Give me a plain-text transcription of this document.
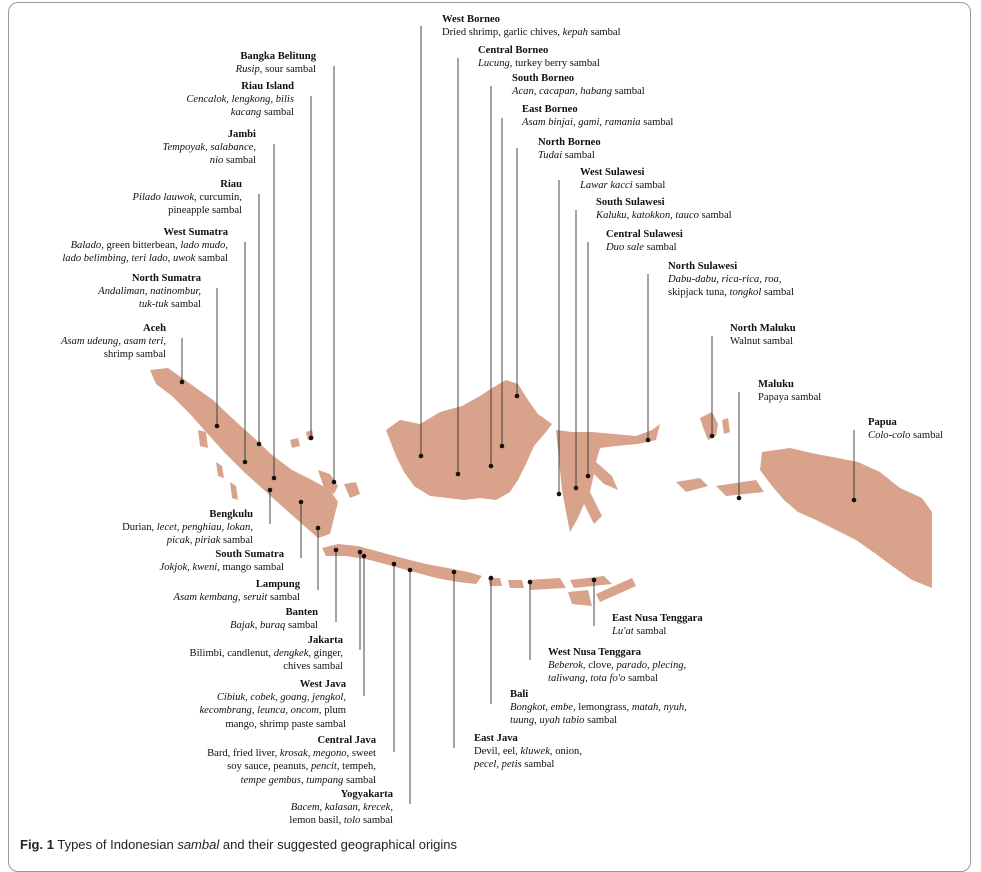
Bangka Belitung
Rusip, sour sambal
Riau Island
Cencalok, lengkong, bilis
kacang sambal
Jambi
Tempoyak, salabance,
nio sambal
Riau
Pilado lauwok, curcumin,
pineapple sambal
West Sumatra
Balado, green bitterbean, lado mudo,
lado belimbing, teri lado, uwok sambal
North Sumatra
Andaliman, natinombur,
tuk-tuk sambal
Aceh
Asam udeung, asam teri,
shrimp sambal
Bengkulu
Durian, lecet, penghiau, lokan,
picak, piriak sambal
South Sumatra
Jokjok, kweni, mango sambal
Lampung
Asam kembang, seruit sambal
Banten
Bajak, buraq sambal
Jakarta
Bilimbi, candlenut, dengkek, ginger,
chives sambal
West Java
Cibiuk, cobek, goang, jengkol,
kecombrang, leunca, oncom, plum
mango, shrimp paste sambal
Central Java
Bard, fried liver, krosak, megono, sweet
soy sauce, peanuts, pencit, tempeh,
tempe gembus, tumpang sambal
Yogyakarta
Bacem, kalasan, krecek,
lemon basil, tolo sambal
West Borneo
Dried shrimp, garlic chives, kepah sambal
Central Borneo
Lucung, turkey berry sambal
South Borneo
Acan, cacapan, habang sambal
East Borneo
Asam binjai, gami, ramania sambal
North Borneo
Tudai sambal
West Sulawesi
Lawar kacci sambal
South Sulawesi
Kaluku, katokkon, tauco sambal
Central Sulawesi
Duo sale sambal
North Sulawesi
Dabu-dabu, rica-rica, roa,
skipjack tuna, tongkol sambal
North Maluku
Walnut sambal
Maluku
Papaya sambal
Papua
Colo-colo sambal
East Nusa Tenggara
Lu'at sambal
West Nusa Tenggara
Beberok, clove, parado, plecing,
taliwang, tota fo'o sambal
Bali
Bongkot, embe, lemongrass, matah, nyuh,
tuung, uyah tabio sambal
East Java
Devil, eel, kluwek, onion,
pecel, petis sambal
Fig. 1 Types of Indonesian sambal and their suggested geographical origins
